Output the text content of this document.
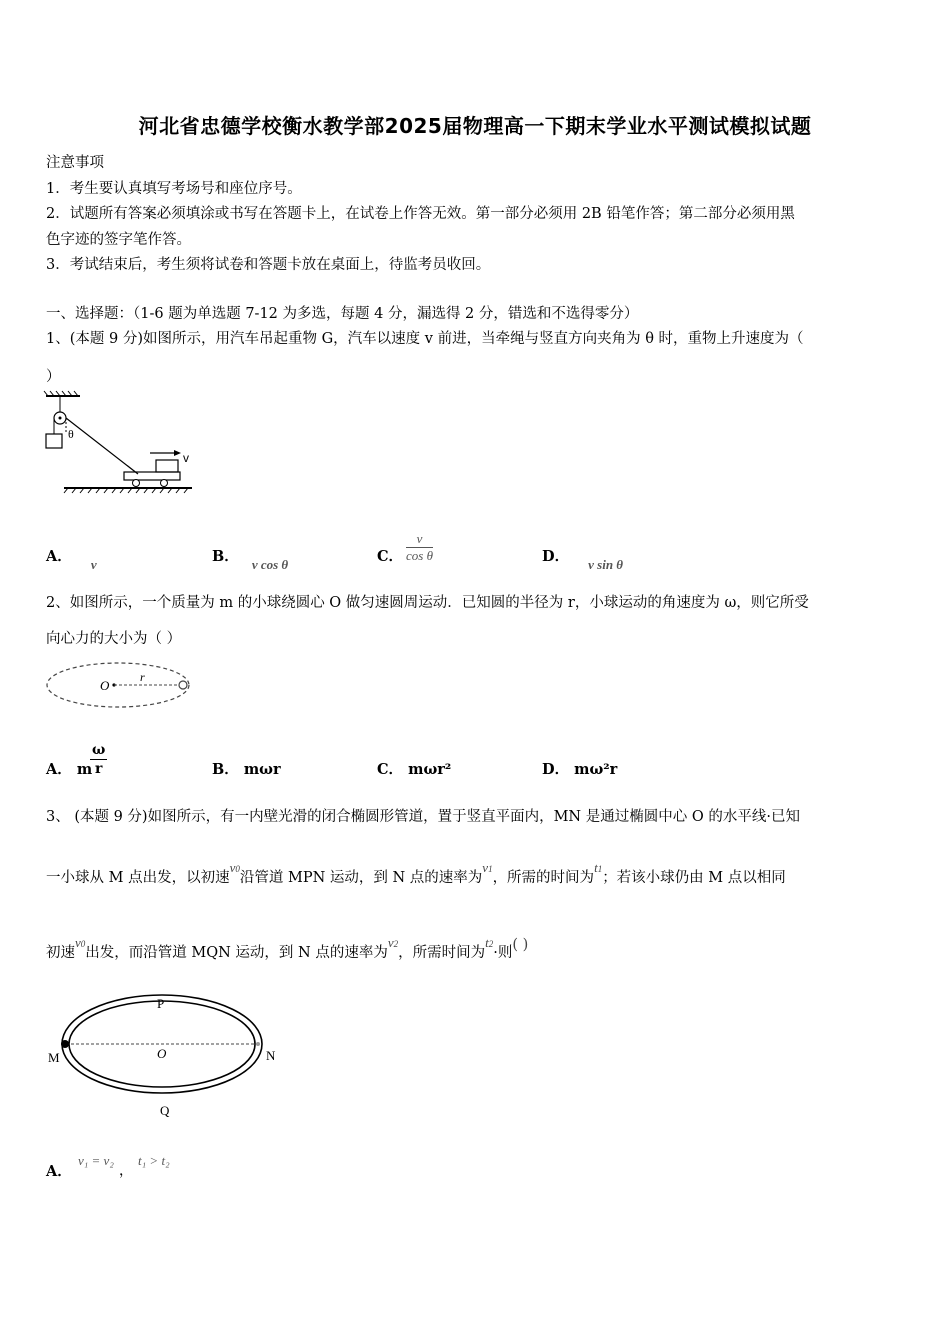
河北省忠德学校衡水教学部2025届物理高一下期末学业水平测试模拟试题
注意事项
1．考生要认真填写考场号和座位序号。
2．试题所有答案必须填涂或书写在答题卡上，在试卷上作答无效。第一部分必须用 2B 铅笔作答；第二部分必须用黑
色字迹的签字笔作答。
3．考试结束后，考生须将试卷和答题卡放在桌面上，待监考员收回。
一、选择题：（1-6 题为单选题 7-12 为多选，每题 4 分，漏选得 2 分，错选和不选得零分）
1、(本题 9 分)如图所示，用汽车吊起重物 G，汽车以速度 v 前进，当牵绳与竖直方向夹角为 θ 时，重物上升速度为（
）
θ
v
A． v	B． v cos θ	C． $\frac{v}{\text{cos θ}}$	D． v sin θ
2、如图所示，一个质量为 m 的小球绕圆心 O 做匀速圆周运动．已知圆的半径为 r，小球运动的角速度为 ω，则它所受
向心力的大小为（ ）
O
r
A． m
$\frac{\omega}{r}$	B． mωr	C． mωr²	D． mω²r
3、 (本题 9 分)如图所示，有一内壁光滑的闭合椭圆形管道，置于竖直平面内，MN 是通过椭圆中心 O 的水平线·已知
一小球从 M 点出发，以初速v0沿管道 MPN 运动，到 N 点的速率为v1，所需的时间为t1；若该小球仍由 M 点以相同
初速v0出发，而沿管道 MQN 运动，到 N 点的速率为v2，所需时间为t2·则( )
P
M	O	N
Q
A．
v₁ = v₂ ， t₁ > t₂
